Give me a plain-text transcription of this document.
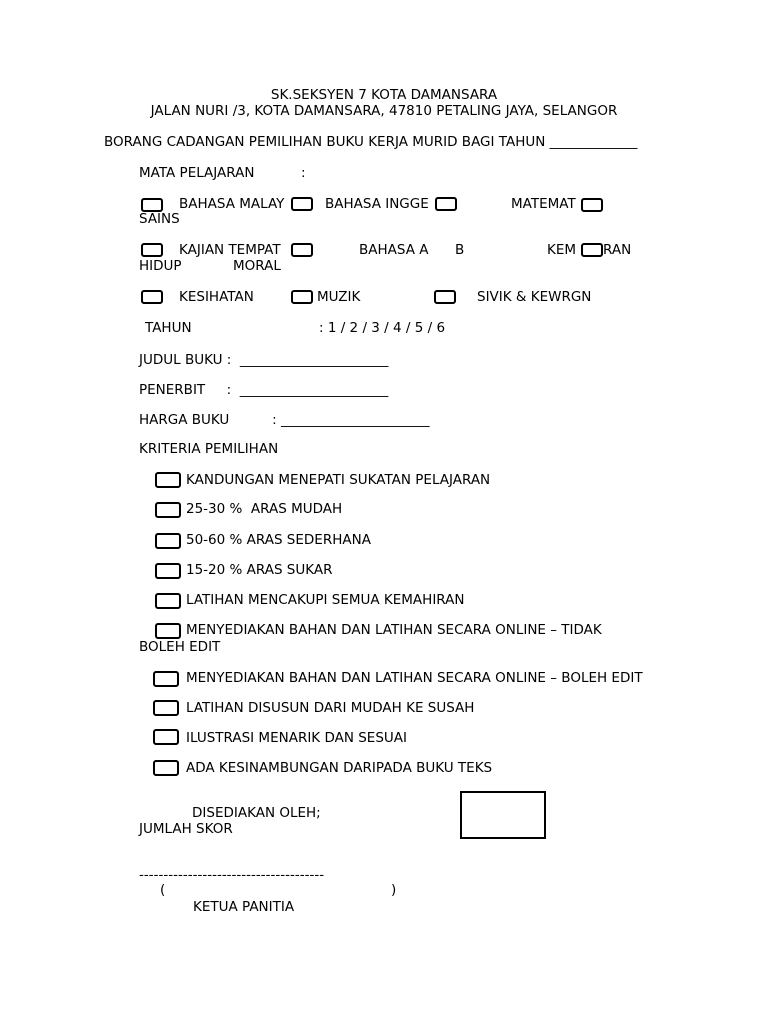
SK.SEKSYEN 7 KOTA DAMANSARA
JALAN NURI /3, KOTA DAMANSARA, 47810 PETALING JAYA, SELANGOR
BORANG CADANGAN PEMILIHAN BUKU KERJA MURID BAGI TAHUN _____________
MATA PELAJARAN	:
BAHASA MALAY	BAHASA INGGE	MATEMAT
SAINS
KAJIAN TEMPAT	BAHASA A B	KEM RAN
HIDUP	MORAL
KESIHATAN	MUZIK	SIVIK & KEWRGN
TAHUN	: 1 / 2 / 3 / 4 / 5 / 6
JUDUL BUKU :  ______________________
PENERBIT     :  ______________________
HARGA BUKU          : ______________________
KRITERIA PEMILIHAN
KANDUNGAN MENEPATI SUKATAN PELAJARAN
25-30 %  ARAS MUDAH
50-60 % ARAS SEDERHANA
15-20 % ARAS SUKAR
LATIHAN MENCAKUPI SEMUA KEMAHIRAN
MENYEDIAKAN BAHAN DAN LATIHAN SECARA ONLINE – TIDAK
BOLEH EDIT
MENYEDIAKAN BAHAN DAN LATIHAN SECARA ONLINE – BOLEH EDIT
LATIHAN DISUSUN DARI MUDAH KE SUSAH
ILUSTRASI MENARIK DAN SESUAI
ADA KESINAMBUNGAN DARIPADA BUKU TEKS
DISEDIAKAN OLEH;
JUMLAH SKOR
--------------------------------------
(	)
KETUA PANITIA
